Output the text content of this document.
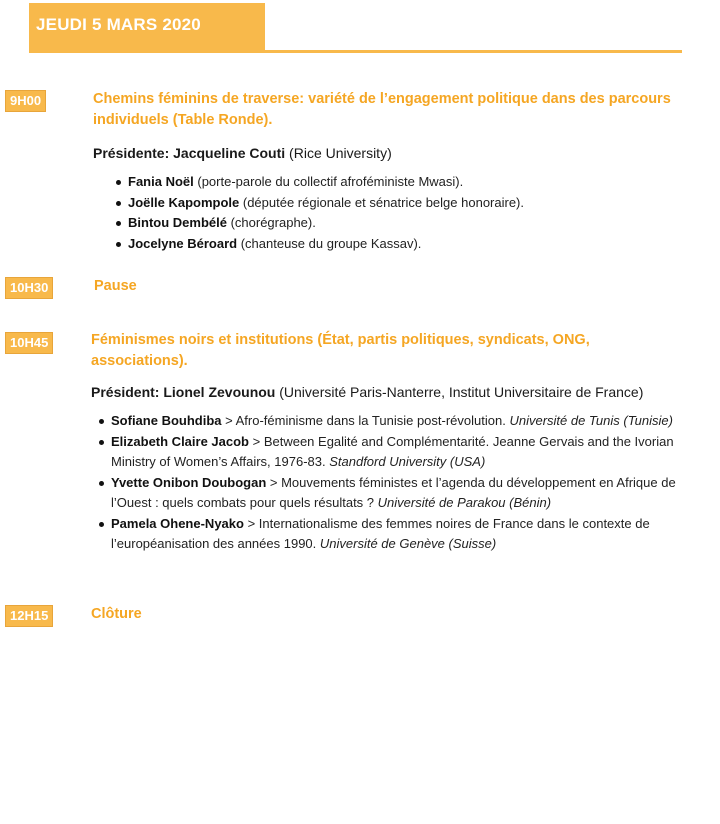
JEUDI 5 MARS 2020
9H00	Chemins féminins de traverse: variété de l’engagement politique dans des parcours individuels (Table Ronde).

Présidente: Jacqueline Couti (Rice University)
Fania Noël (porte-parole du collectif afroféministe Mwasi).
Joëlle Kapompole (députée régionale et sénatrice belge honoraire).
Bintou Dembélé (chorégraphe).
Jocelyne Béroard (chanteuse du groupe Kassav).
10H30	Pause

10H45	Féminismes noirs et institutions (État, partis politiques, syndicats, ONG, associations).

Président: Lionel Zevounou (Université Paris-Nanterre, Institut Universitaire de France)
Sofiane Bouhdiba > Afro-féminisme dans la Tunisie post-révolution. Université de Tunis (Tunisie)
Elizabeth Claire Jacob > Between Egalité and Complémentarité. Jeanne Gervais and the Ivorian Ministry of Women’s Affairs, 1976-83. Standford University (USA)
Yvette Onibon Doubogan > Mouvements féministes et l’agenda du développement en Afrique de l’Ouest : quels combats pour quels résultats ? Université de Parakou (Bénin)
Pamela Ohene-Nyako > Internationalisme des femmes noires de France dans le contexte de l’européanisation des années 1990. Université de Genève (Suisse)
12H15	Clôture
